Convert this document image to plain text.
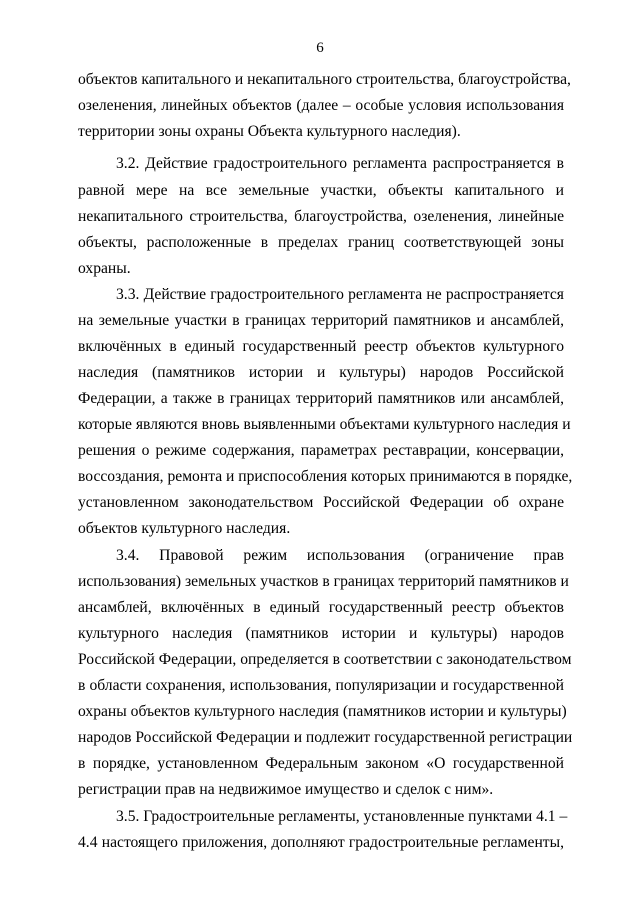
6
объектов капитального и некапитального строительства, благоустройства,
озеленения, линейных объектов (далее – особые условия использования
территории зоны охраны Объекта культурного наследия).
3.2. Действие градостроительного регламента распространяется в
равной мере на все земельные участки, объекты капитального и
некапитального строительства, благоустройства, озеленения, линейные
объекты, расположенные в пределах границ соответствующей зоны
охраны.
3.3. Действие градостроительного регламента не распространяется
на земельные участки в границах территорий памятников и ансамблей,
включённых в единый государственный реестр объектов культурного
наследия (памятников истории и культуры) народов Российской
Федерации, а также в границах территорий памятников или ансамблей,
которые являются вновь выявленными объектами культурного наследия и
решения о режиме содержания, параметрах реставрации, консервации,
воссоздания, ремонта и приспособления которых принимаются в порядке,
установленном законодательством Российской Федерации об охране
объектов культурного наследия.
3.4. Правовой режим использования (ограничение прав
использования) земельных участков в границах территорий памятников и
ансамблей, включённых в единый государственный реестр объектов
культурного наследия (памятников истории и культуры) народов
Российской Федерации, определяется в соответствии с законодательством
в области сохранения, использования, популяризации и государственной
охраны объектов культурного наследия (памятников истории и культуры)
народов Российской Федерации и подлежит государственной регистрации
в порядке, установленном Федеральным законом «О государственной
регистрации прав на недвижимое имущество и сделок с ним».
3.5. Градостроительные регламенты, установленные пунктами 4.1 –
4.4 настоящего приложения, дополняют градостроительные регламенты,
